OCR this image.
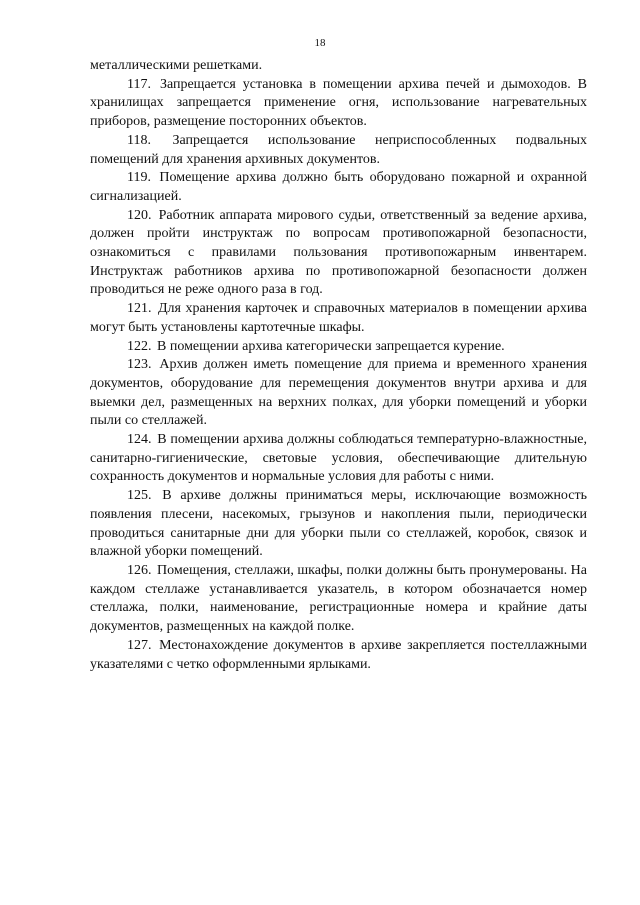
18

металлическими решетками.

117. Запрещается установка в помещении архива печей и дымоходов. В хранилищах запрещается применение огня, использование нагревательных приборов, размещение посторонних объектов.

118. Запрещается использование неприспособленных подвальных помещений для хранения архивных документов.

119. Помещение архива должно быть оборудовано пожарной и охранной сигнализацией.

120. Работник аппарата мирового судьи, ответственный за ведение архива, должен пройти инструктаж по вопросам противопожарной безопасности, ознакомиться с правилами пользования противопожарным инвентарем. Инструктаж работников архива по противопожарной безопасности должен проводиться не реже одного раза в год.

121. Для хранения карточек и справочных материалов в помещении архива могут быть установлены картотечные шкафы.

122. В помещении архива категорически запрещается курение.

123. Архив должен иметь помещение для приема и временного хранения документов, оборудование для перемещения документов внутри архива и для выемки дел, размещенных на верхних полках, для уборки помещений и уборки пыли со стеллажей.

124. В помещении архива должны соблюдаться температурно-влажностные, санитарно-гигиенические, световые условия, обеспечивающие длительную сохранность документов и нормальные условия для работы с ними.

125. В архиве должны приниматься меры, исключающие возможность появления плесени, насекомых, грызунов и накопления пыли, периодически проводиться санитарные дни для уборки пыли со стеллажей, коробок, связок и влажной уборки помещений.

126. Помещения, стеллажи, шкафы, полки должны быть пронумерованы. На каждом стеллаже устанавливается указатель, в котором обозначается номер стеллажа, полки, наименование, регистрационные номера и крайние даты документов, размещенных на каждой полке.

127. Местонахождение документов в архиве закрепляется постеллажными указателями с четко оформленными ярлыками.
